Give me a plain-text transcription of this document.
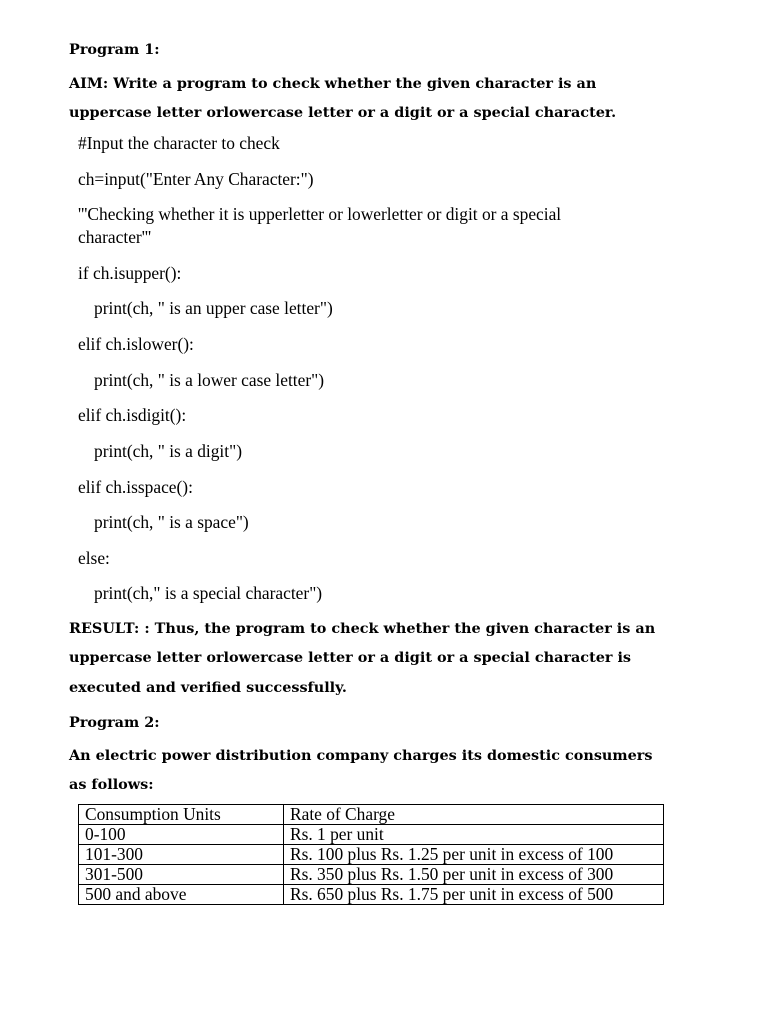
Program 1:
AIM: Write a program to check whether the given character is an
uppercase letter orlowercase letter or a digit or a special character.
#Input the character to check
ch=input("Enter Any Character:")
'''Checking whether it is upperletter or lowerletter or digit or a special
character'''
if ch.isupper():
print(ch, " is an upper case letter")
elif ch.islower():
print(ch, " is a lower case letter")
elif ch.isdigit():
print(ch, " is a digit")
elif ch.isspace():
print(ch, " is a space")
else:
print(ch," is a special character")
RESULT: : Thus, the program to check whether the given character is an
uppercase letter orlowercase letter or a digit or a special character is
executed and verified successfully.
Program 2:
An electric power distribution company charges its domestic consumers
as follows:
Consumption Units	Rate of Charge
0-100	Rs. 1 per unit
101-300	Rs. 100 plus Rs. 1.25 per unit in excess of 100
301-500	Rs. 350 plus Rs. 1.50 per unit in excess of 300
500 and above	Rs. 650 plus Rs. 1.75 per unit in excess of 500
